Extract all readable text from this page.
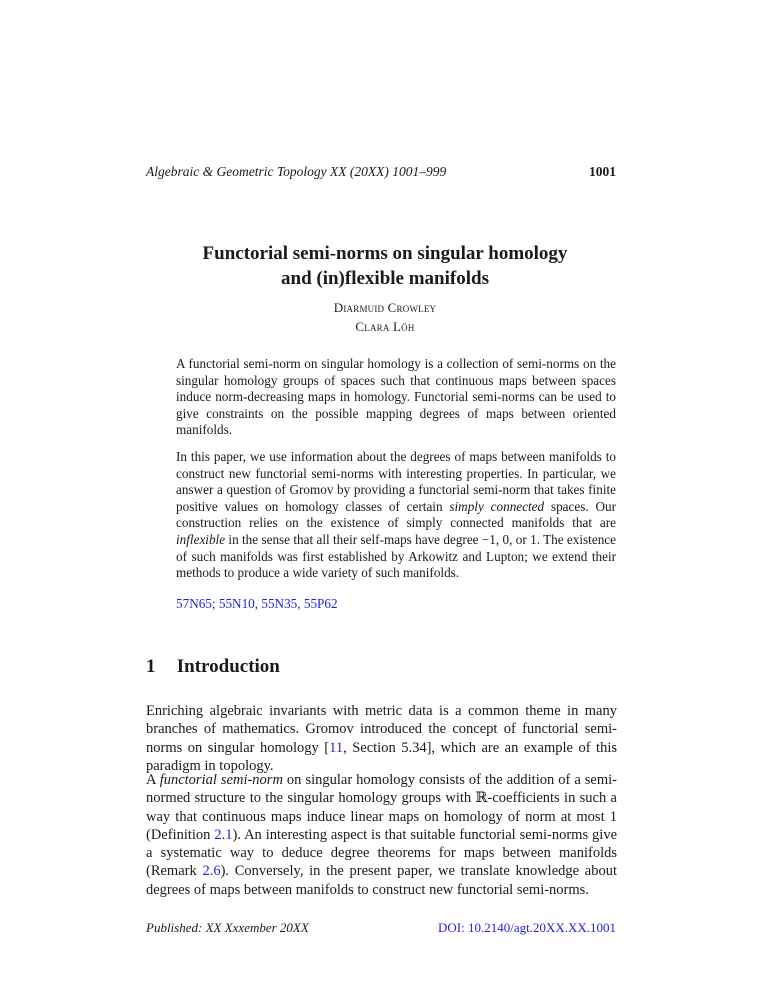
Algebraic & Geometric Topology XX (20XX) 1001–999	1001
Functorial semi-norms on singular homology
and (in)flexible manifolds
Diarmuid Crowley
Clara Löh

A functorial semi-norm on singular homology is a collection of semi-norms on the singular homology groups of spaces such that continuous maps between spaces induce norm-decreasing maps in homology. Functorial semi-norms can be used to give constraints on the possible mapping degrees of maps between oriented manifolds.

In this paper, we use information about the degrees of maps between manifolds to construct new functorial semi-norms with interesting properties. In particular, we answer a question of Gromov by providing a functorial semi-norm that takes finite positive values on homology classes of certain simply connected spaces. Our construction relies on the existence of simply connected manifolds that are inflexible in the sense that all their self-maps have degree −1, 0, or 1. The existence of such manifolds was first established by Arkowitz and Lupton; we extend their methods to produce a wide variety of such manifolds.

57N65; 55N10, 55N35, 55P62
1 Introduction

Enriching algebraic invariants with metric data is a common theme in many branches of mathematics. Gromov introduced the concept of functorial semi-norms on singular homology [11, Section 5.34], which are an example of this paradigm in topology.

A functorial semi-norm on singular homology consists of the addition of a semi-normed structure to the singular homology groups with ℝ-coefficients in such a way that continuous maps induce linear maps on homology of norm at most 1 (Definition 2.1). An interesting aspect is that suitable functorial semi-norms give a systematic way to deduce degree theorems for maps between manifolds (Remark 2.6). Conversely, in the present paper, we translate knowledge about degrees of maps between manifolds to construct new functorial semi-norms.

Published: XX Xxxember 20XX	DOI: 10.2140/agt.20XX.XX.1001
